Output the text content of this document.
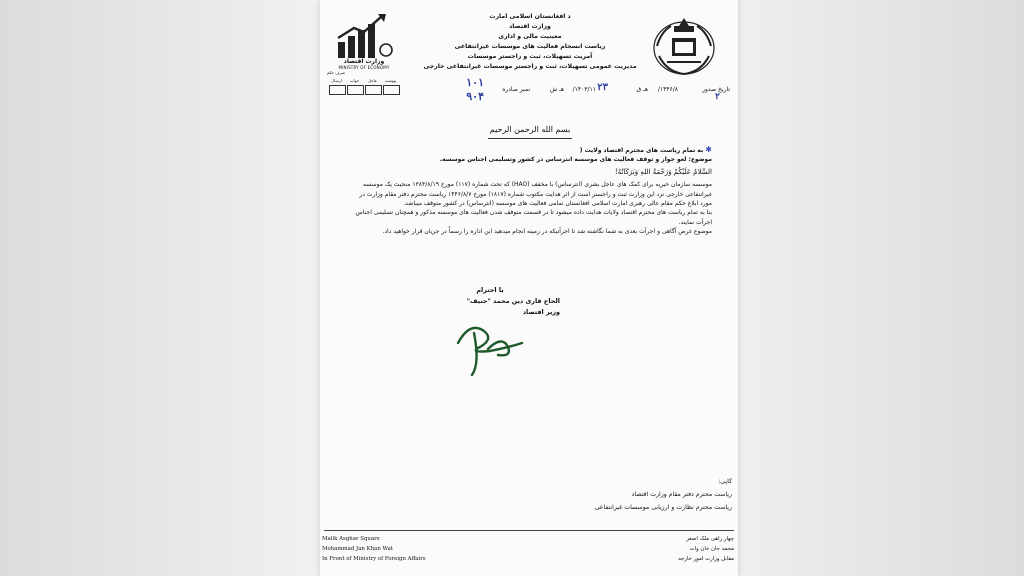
وزارت اقتصاد
MINISTRY OF ECONOMY
د افغانستان اسلامی امارت
وزارت اقتصاد
معینیت مالی و اداری
ریاست انسجام فعالیت های موسسات غیرانتفاعی
آمریت تسهیلات، ثبت و راجستر موسسات
مدیریت عمومی تسهیلات، ثبت و راجستر موسسات غیرانتفاعی خارجی
پیوست
عاجل
جواب
ارسال
صرف حکم
تاریخ صدور
۱۴۴۶/۸/
هـ ق
۲
۱۴۰۳/۱۱/
هـ ش	۲۳
نمبر صادره
۱۰۱
۹۰۴
بسم الله الرحمن الرحیم

✱ به تمام ریاست های محترم اقتصاد ولایت (

موضوع: لغو جواز و توقف فعالیت های موسسه انترساس در کشور وتسلیمی اجناس موسسه.

السَّلامُ عَلَیْکُمْ وَرَحْمَةُ اللهِ وَبَرَکَاتُهُ!

موسسه سازمان خیریه برای کمک های عاجل بشری (انترساس) با مخفف (HAO) که تحت شماره (۱۱۷) مورخ ۱۳۸۴/۸/۱۹ منحیث یک موسسه غیرانتفاعی خارجی نزد این وزارت ثبت و راجستر است از اثر هدایت مکتوب شماره (۱۸۱۷) مورخ ۱۴۴۶/۸/۷ ریاست محترم دفتر مقام وزارت در مورد ابلاغ حکم مقام عالی رهبری امارت اسلامی افغانستان تمامی فعالیت های موسسه (انترساس) در کشور متوقف میباشد.

بنا به تمام ریاست های محترم اقتصاد ولایات هدایت داده میشود تا در قسمت متوقف شدن فعالیت های موسسه مذکور و همچنان تسلیمی اجناس اجرآت نمایند.

موضوع غرض آگاهی و اجرآت بعدی به شما نگاشته شد تا اجرآتیکه در زمینه انجام میدهید این اداره را رسماً در جریان قرار خواهید داد.

با احترام
الحاج قاری دین محمد "حنیف"
وزیر اقتصاد
کاپی:
ریاست محترم دفتر مقام وزارت اقتصاد
ریاست محترم نظارت و ارزیابی موسسات غیرانتفاعی
Malik Asghar Square
Mohammad Jan Khan Wat
In Front of Ministry of Foreign Affairs
چهار راهی ملک اصغر
محمد جان خان وات
مقابل وزارت امور خارجه
